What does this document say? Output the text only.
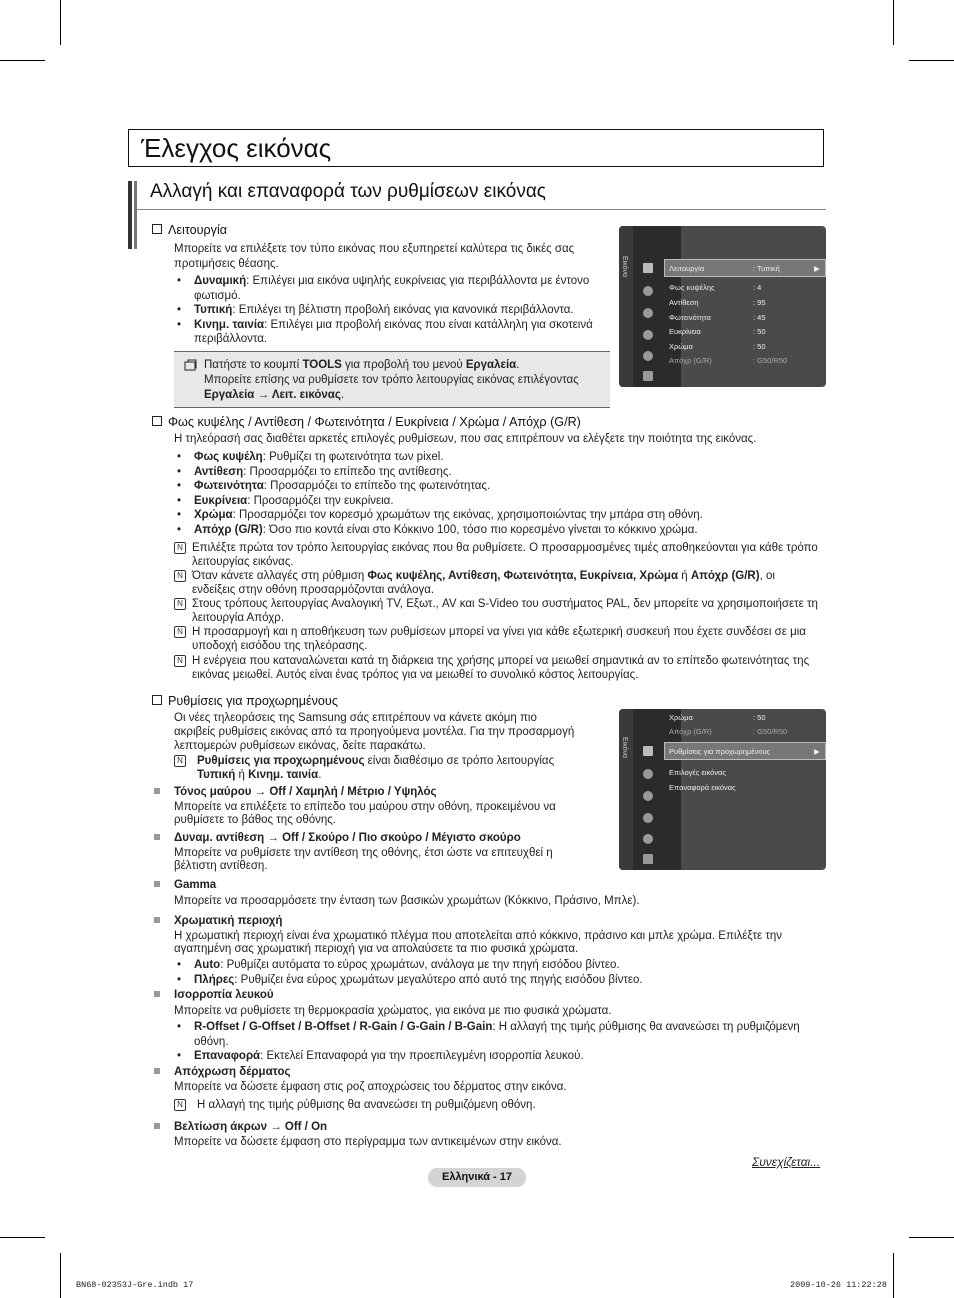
Έλεγχος εικόνας
Αλλαγή και επαναφορά των ρυθμίσεων εικόνας
Λειτουργία
Μπορείτε να επιλέξετε τον τύπο εικόνας που εξυπηρετεί καλύτερα τις δικές σας προτιμήσεις θέασης.
• Δυναμική: Επιλέγει μια εικόνα υψηλής ευκρίνειας για περιβάλλοντα με έντονο φωτισμό.
• Τυπική: Επιλέγει τη βέλτιστη προβολή εικόνας για κανονικά περιβάλλοντα.
• Κινημ. ταινία: Επιλέγει μια προβολή εικόνας που είναι κατάλληλη για σκοτεινά περιβάλλοντα.
Πατήστε το κουμπί TOOLS για προβολή του μενού Εργαλεία.
Μπορείτε επίσης να ρυθμίσετε τον τρόπο λειτουργίας εικόνας επιλέγοντας
Εργαλεία → Λειτ. εικόνας.
Εικόνα	Λειτουργία	: Τυπική	▶
Φως κυψέλης	: 4
Αντίθεση	: 95
Φωτεινότητα	: 45
Ευκρίνεια	: 50
Χρώμα	: 50
Απόχρ (G/R)	: G50/R50
Φως κυψέλης / Αντίθεση / Φωτεινότητα / Ευκρίνεια / Χρώμα / Απόχρ (G/R)
Η τηλεόρασή σας διαθέτει αρκετές επιλογές ρυθμίσεων, που σας επιτρέπουν να ελέγξετε την ποιότητα της εικόνας.
• Φως κυψέλη: Ρυθμίζει τη φωτεινότητα των pixel.
• Αντίθεση: Προσαρμόζει το επίπεδο της αντίθεσης.
• Φωτεινότητα: Προσαρμόζει το επίπεδο της φωτεινότητας.
• Ευκρίνεια: Προσαρμόζει την ευκρίνεια.
• Χρώμα: Προσαρμόζει τον κορεσμό χρωμάτων της εικόνας, χρησιμοποιώντας την μπάρα στη οθόνη.
• Απόχρ (G/R): Όσο πιο κοντά είναι στο Κόκκινο 100, τόσο πιο κορεσμένο γίνεται το κόκκινο χρώμα.
N Επιλέξτε πρώτα τον τρόπο λειτουργίας εικόνας που θα ρυθμίσετε. Ο προσαρμοσμένες τιμές αποθηκεύονται για κάθε τρόπο
λειτουργίας εικόνας.
N Όταν κάνετε αλλαγές στη ρύθμιση Φως κυψέλης, Αντίθεση, Φωτεινότητα, Ευκρίνεια, Χρώμα ή Απόχρ (G/R), οι
ενδείξεις στην οθόνη προσαρμόζονται ανάλογα.
N Στους τρόπους λειτουργίας Αναλογική ΤV, Εξωτ., AV και S-Video του συστήματος PAL, δεν μπορείτε να χρησιμοποιήσετε τη
λειτουργία Απόχρ.
N Η προσαρμογή και η αποθήκευση των ρυθμίσεων μπορεί να γίνει για κάθε εξωτερική συσκευή που έχετε συνδέσει σε μια
υποδοχή εισόδου της τηλεόρασης.
N Η ενέργεια που καταναλώνεται κατά τη διάρκεια της χρήσης μπορεί να μειωθεί σημαντικά αν το επίπεδο φωτεινότητας της
εικόνας μειωθεί. Αυτός είναι ένας τρόπος για να μειωθεί το συνολικό κόστος λειτουργίας.
Ρυθμίσεις για προχωρημένους
Οι νέες τηλεοράσεις της Samsung σάς επιτρέπουν να κάνετε ακόμη πιο
ακριβείς ρυθμίσεις εικόνας από τα προηγούμενα μοντέλα. Για την προσαρμογή
λεπτομερών ρυθμίσεων εικόνας, δείτε παρακάτω.
N Ρυθμίσεις για προχωρημένους είναι διαθέσιμο σε τρόπο λειτουργίας
Τυπική ή Κινημ. ταινία.
Τόνος μαύρου → Off / Χαμηλή / Μέτριο / Υψηλός
Μπορείτε να επιλέξετε το επίπεδο του μαύρου στην οθόνη, προκειμένου να
ρυθμίσετε το βάθος της οθόνης.
Δυναμ. αντίθεση → Off / Σκούρο / Πιο σκούρο / Μέγιστο σκούρο
Μπορείτε να ρυθμίσετε την αντίθεση της οθόνης, έτσι ώστε να επιτευχθεί η
βέλτιστη αντίθεση.
Gamma
Μπορείτε να προσαρμόσετε την ένταση των βασικών χρωμάτων (Κόκκινο, Πράσινο, Μπλε).
Χρωματική περιοχή
Η χρωματική περιοχή είναι ένα χρωματικό πλέγμα που αποτελείται από κόκκινο, πράσινο και μπλε χρώμα. Επιλέξτε την
αγαπημένη σας χρωματική περιοχή για να απολαύσετε τα πιο φυσικά χρώματα.
• Auto: Ρυθμίζει αυτόματα το εύρος χρωμάτων, ανάλογα με την πηγή εισόδου βίντεο.
• Πλήρες: Ρυθμίζει ένα εύρος χρωμάτων μεγαλύτερο από αυτό της πηγής εισόδου βίντεο.
Ισορροπία λευκού
Μπορείτε να ρυθμίσετε τη θερμοκρασία χρώματος, για εικόνα με πιο φυσικά χρώματα.
• R-Offset / G-Offset / B-Offset / R-Gain / G-Gain / B-Gain: Η αλλαγή της τιμής ρύθμισης θα ανανεώσει τη ρυθμιζόμενη
οθόνη.
• Επαναφορά: Εκτελεί Επαναφορά για την προεπιλεγμένη ισορροπία λευκού.
Απόχρωση δέρματος
Μπορείτε να δώσετε έμφαση στις ροζ αποχρώσεις του δέρματος στην εικόνα.
N Η αλλαγή της τιμής ρύθμισης θα ανανεώσει τη ρυθμιζόμενη οθόνη.
Βελτίωση άκρων → Off / On
Μπορείτε να δώσετε έμφαση στο περίγραμμα των αντικειμένων στην εικόνα.
Εικόνα
Χρώμα	: 50
Απόχρ (G/R)	: G50/R50
Ρυθμίσεις για προχωρημένους	▶
Επιλογές εικόνας
Επαναφορά εικόνας
Συνεχίζεται...
Ελληνικά - 17
BN68-02353J-Gre.indb 17	2009-10-26 11:22:28
